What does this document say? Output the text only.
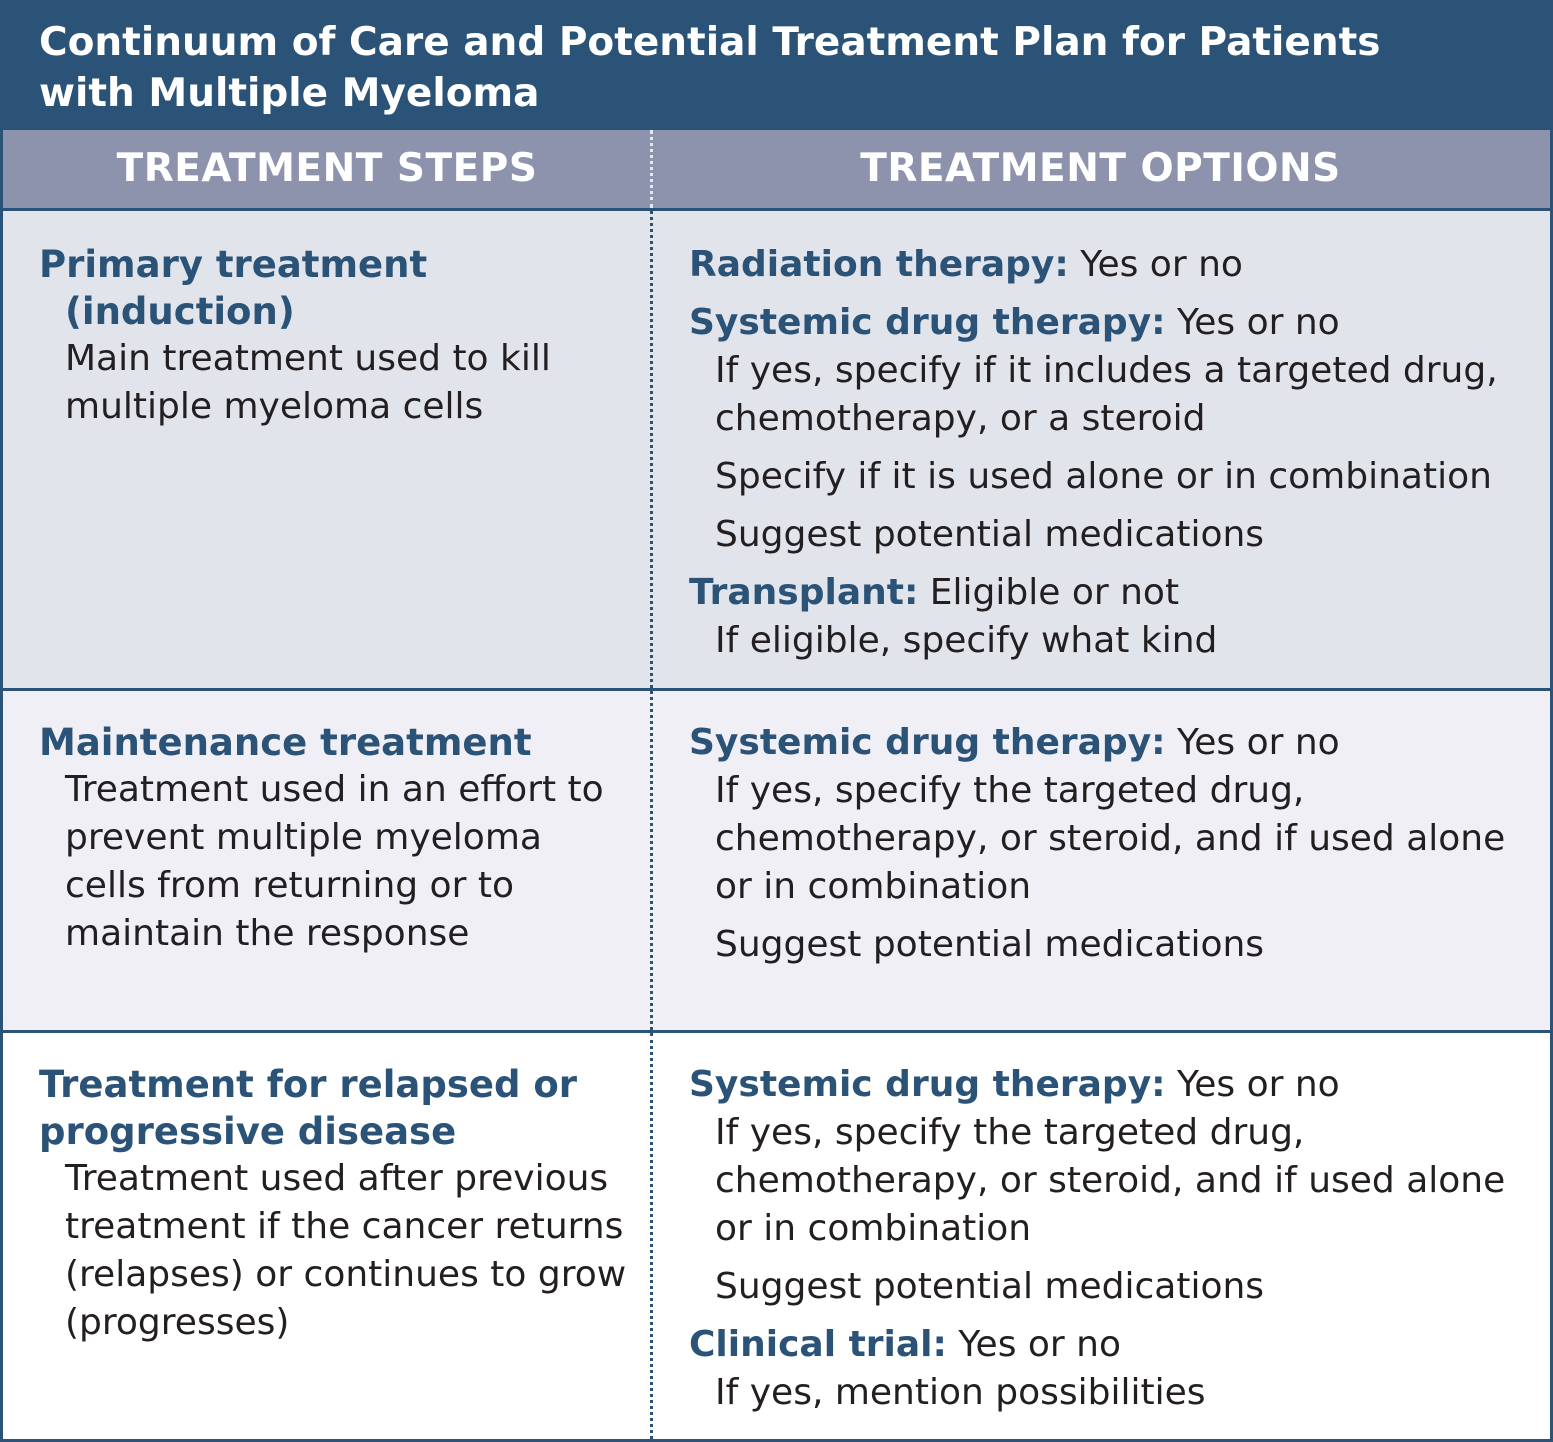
Continuum of Care and Potential Treatment Plan for Patients
with Multiple Myeloma
TREATMENT STEPS	TREATMENT OPTIONS
Primary treatment
(induction)
Main treatment used to kill multiple myeloma cells
Radiation therapy: Yes or no
Systemic drug therapy: Yes or no
If yes, specify if it includes a targeted drug, chemotherapy, or a steroid
Specify if it is used alone or in combination
Suggest potential medications
Transplant: Eligible or not
If eligible, specify what kind
Maintenance treatment
Treatment used in an effort to prevent multiple myeloma cells from returning or to maintain the response
Systemic drug therapy: Yes or no
If yes, specify the targeted drug, chemotherapy, or steroid, and if used alone or in combination
Suggest potential medications
Treatment for relapsed or
progressive disease
Treatment used after previous treatment if the cancer returns (relapses) or continues to grow (progresses)
Systemic drug therapy: Yes or no
If yes, specify the targeted drug, chemotherapy, or steroid, and if used alone or in combination
Suggest potential medications
Clinical trial: Yes or no
If yes, mention possibilities
